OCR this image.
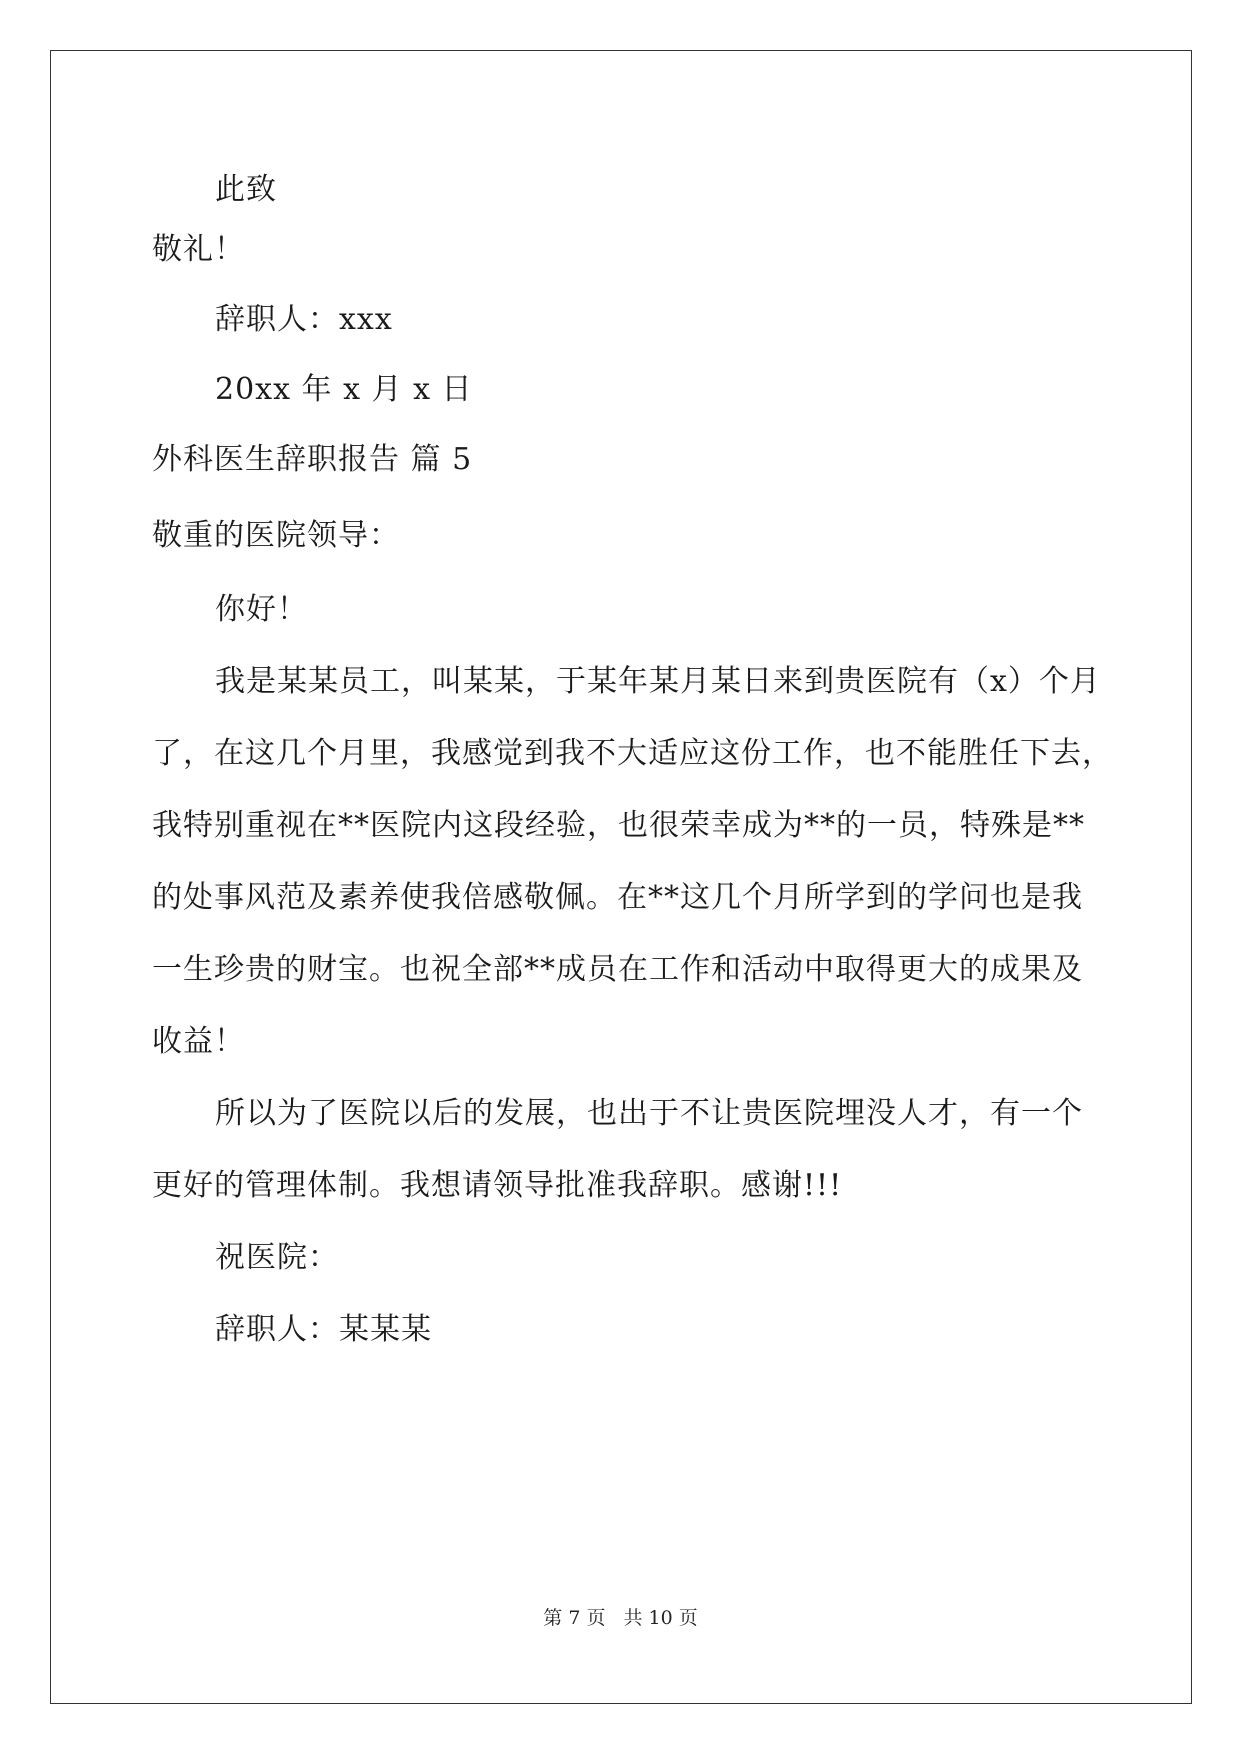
此致
敬礼！
辞职人：xxx
20xx 年 x 月 x 日
外科医生辞职报告 篇 5
敬重的医院领导：
你好！
我是某某员工，叫某某，于某年某月某日来到贵医院有（x）个月
了，在这几个月里，我感觉到我不大适应这份工作，也不能胜任下去，
我特别重视在**医院内这段经验，也很荣幸成为**的一员，特殊是**
的处事风范及素养使我倍感敬佩。在**这几个月所学到的学问也是我
一生珍贵的财宝。也祝全部**成员在工作和活动中取得更大的成果及
收益！
所以为了医院以后的发展，也出于不让贵医院埋没人才，有一个
更好的管理体制。我想请领导批准我辞职。感谢!!!
祝医院：
辞职人：某某某
第 7 页 共 10 页
